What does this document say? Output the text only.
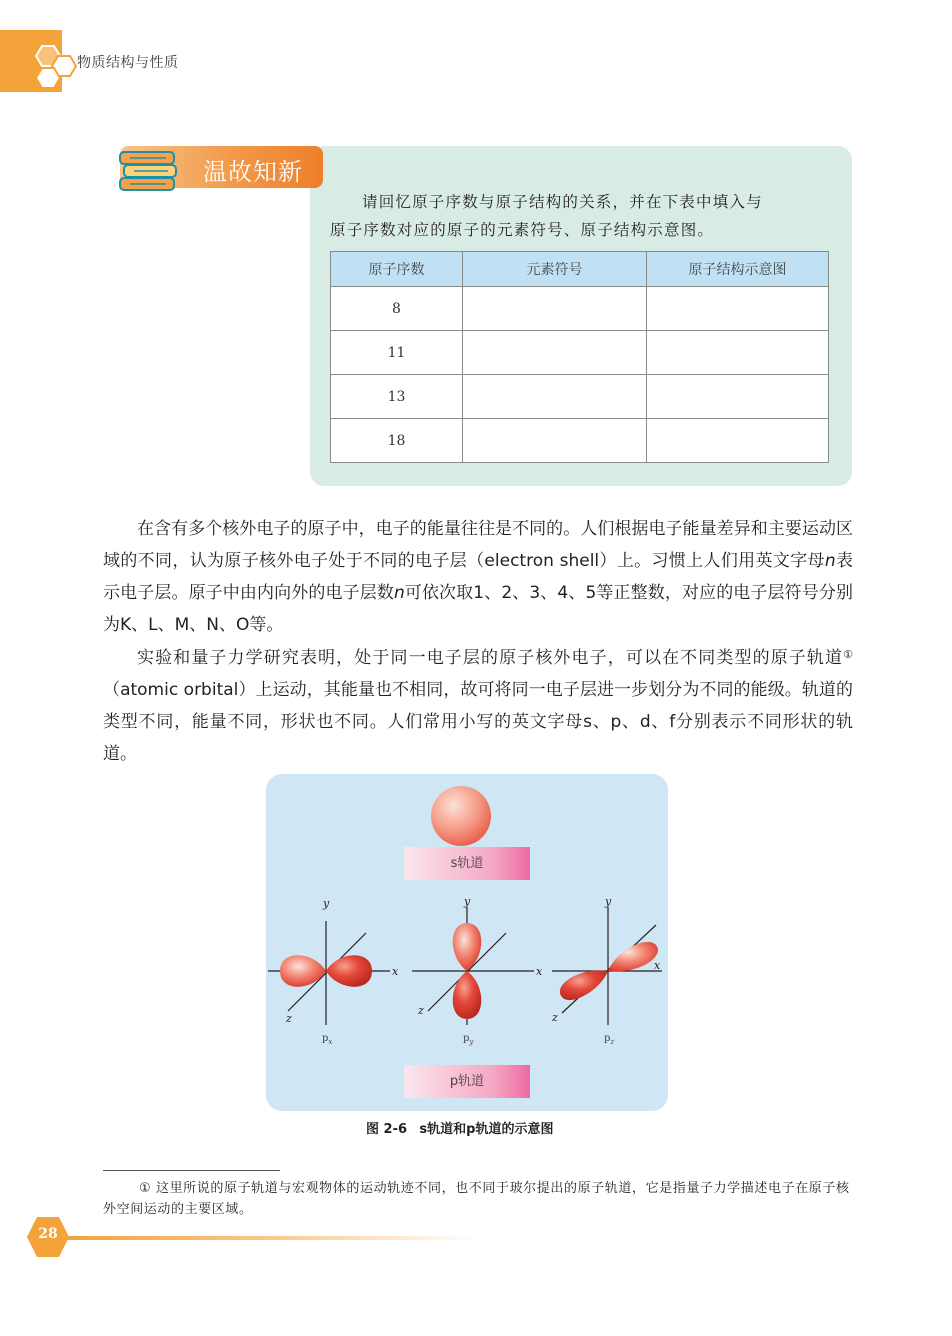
物质结构与性质
温故知新

请回忆原子序数与原子结构的关系，并在下表中填入与

原子序数对应的原子的元素符号、原子结构示意图。

原子序数	元素符号	原子结构示意图
8		
11		
13		
18		

在含有多个核外电子的原子中，电子的能量往往是不同的。人们根据电子能量差异和主要运动区域的不同，认为原子核外电子处于不同的电子层（electron shell）上。习惯上人们用英文字母n表示电子层。原子中由内向外的电子层数n可依次取1、2、3、4、5等正整数，对应的电子层符号分别为K、L、M、N、O等。

实验和量子力学研究表明，处于同一电子层的原子核外电子，可以在不同类型的原子轨道①（atomic orbital）上运动，其能量也不相同，故可将同一电子层进一步划分为不同的能级。轨道的类型不同，能量不同，形状也不同。人们常用小写的英文字母s、p、d、f分别表示不同形状的轨道。

s轨道
x
y
z
$p_x$
x
y
z
$p_y$
x
y
z
$p_z$
p轨道
图 2-6 s轨道和p轨道的示意图

① 这里所说的原子轨道与宏观物体的运动轨迹不同，也不同于玻尔提出的原子轨道，它是指量子力学描述电子在原子核外空间运动的主要区域。

28
